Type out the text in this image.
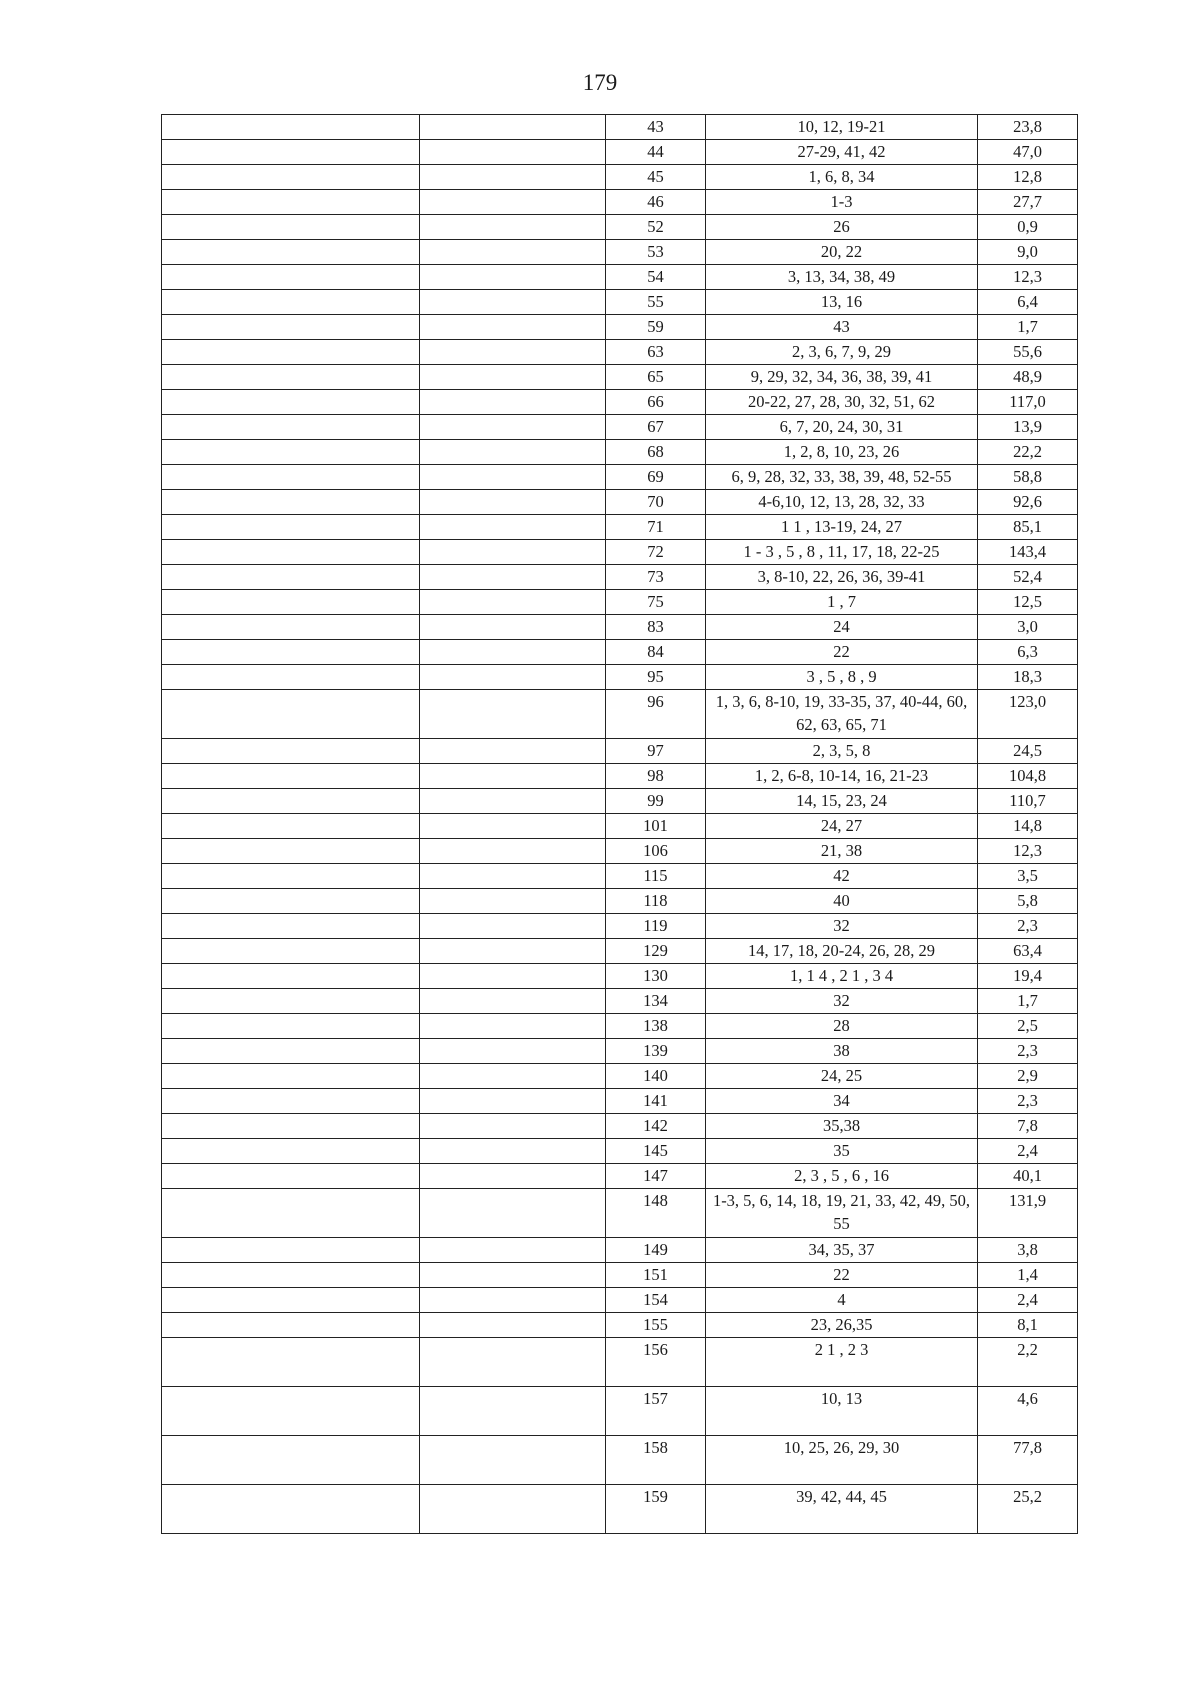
179
		43	10, 12, 19-21	23,8
		44	27-29, 41, 42	47,0
		45	1, 6, 8, 34	12,8
		46	1-3	27,7
		52	26	0,9
		53	20, 22	9,0
		54	3, 13, 34, 38, 49	12,3
		55	13, 16	6,4
		59	43	1,7
		63	2, 3, 6, 7, 9, 29	55,6
		65	9, 29, 32, 34, 36, 38, 39, 41	48,9
		66	20-22, 27, 28, 30, 32, 51, 62	117,0
		67	6, 7, 20, 24, 30, 31	13,9
		68	1, 2, 8, 10, 23, 26	22,2
		69	6, 9, 28, 32, 33, 38, 39, 48, 52-55	58,8
		70	4-6,10, 12, 13, 28, 32, 33	92,6
		71	1 1 , 13-19, 24, 27	85,1
		72	1 - 3 , 5 , 8 , 11, 17, 18, 22-25	143,4
		73	3, 8-10, 22, 26, 36, 39-41	52,4
		75	1 , 7	12,5
		83	24	3,0
		84	22	6,3
		95	3 , 5 , 8 , 9	18,3
		96	1, 3, 6, 8-10, 19, 33-35, 37, 40-44, 60, 62, 63, 65, 71	123,0
		97	2, 3, 5, 8	24,5
		98	1, 2, 6-8, 10-14, 16, 21-23	104,8
		99	14, 15, 23, 24	110,7
		101	24, 27	14,8
		106	21, 38	12,3
		115	42	3,5
		118	40	5,8
		119	32	2,3
		129	14, 17, 18, 20-24, 26, 28, 29	63,4
		130	1, 1 4 , 2 1 , 3 4	19,4
		134	32	1,7
		138	28	2,5
		139	38	2,3
		140	24, 25	2,9
		141	34	2,3
		142	35,38	7,8
		145	35	2,4
		147	2, 3 , 5 , 6 , 16	40,1
		148	1-3, 5, 6, 14, 18, 19, 21, 33, 42, 49, 50, 55	131,9
		149	34, 35, 37	3,8
		151	22	1,4
		154	4	2,4
		155	23, 26,35	8,1
		156	2 1 , 2 3	2,2
		157	10, 13	4,6
		158	10, 25, 26, 29, 30	77,8
		159	39, 42, 44, 45	25,2
